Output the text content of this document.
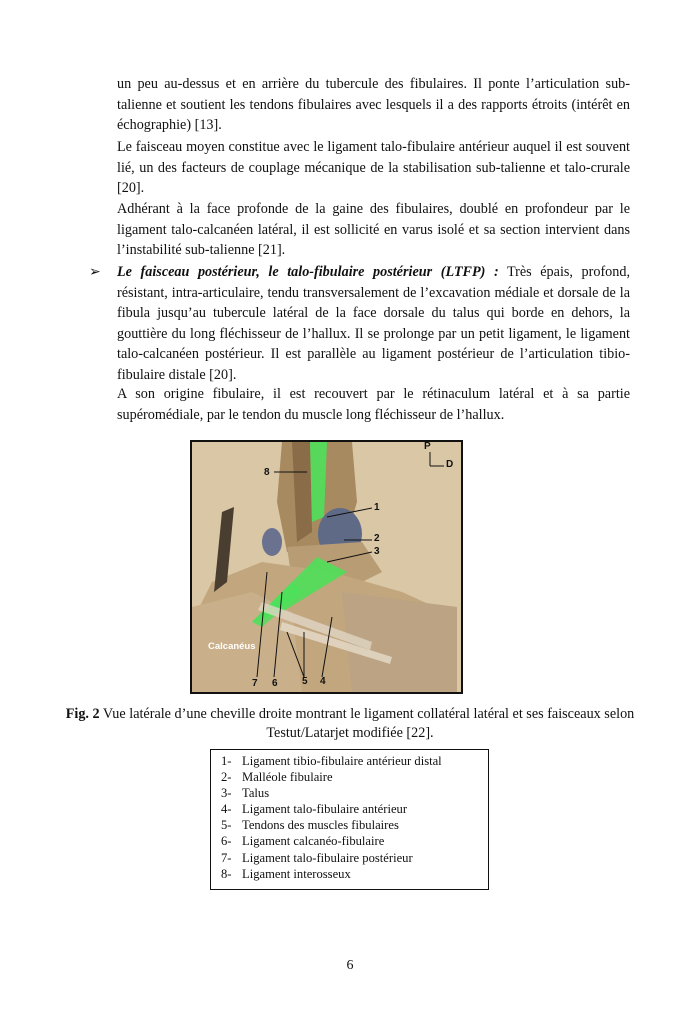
un peu au-dessus et en arrière du tubercule des fibulaires. Il ponte l’articulation sub-talienne et soutient les tendons fibulaires avec lesquels il a des rapports étroits (intérêt en échographie) [13].

Le faisceau moyen constitue avec le ligament talo-fibulaire antérieur auquel il est souvent lié, un des facteurs de couplage mécanique de la stabilisation sub-talienne et talo-crurale [20].

Adhérant à la face profonde de la gaine des fibulaires, doublé en profondeur par le ligament talo-calcanéen latéral, il est sollicité en varus isolé et sa section intervient dans l’instabilité sub-talienne [21].

➢ Le faisceau postérieur, le talo-fibulaire postérieur (LTFP) : Très épais, profond, résistant, intra-articulaire, tendu transversalement de l’excavation médiale et dorsale de la fibula jusqu’au tubercule latéral de la face dorsale du talus qui borde en dehors, la gouttière du long fléchisseur de l’hallux. Il se prolonge par un petit ligament, le ligament talo-calcanéen postérieur. Il est parallèle au ligament postérieur de l’articulation tibio-fibulaire distale [20].

A son origine fibulaire, il est recouvert par le rétinaculum latéral et à sa partie supéromédiale, par le tendon du muscle long fléchisseur de l’hallux.

P
D
8
1
2
3
Calcanéus
7 6 5 4

Fig. 2 Vue latérale d’une cheville droite montrant le ligament collatéral latéral et ses faisceaux selon Testut/Latarjet modifiée [22].

1- Ligament tibio-fibulaire antérieur distal
2- Malléole fibulaire
3- Talus
4- Ligament talo-fibulaire antérieur
5- Tendons des muscles fibulaires
6- Ligament calcanéo-fibulaire
7- Ligament talo-fibulaire postérieur
8- Ligament interosseux
6
